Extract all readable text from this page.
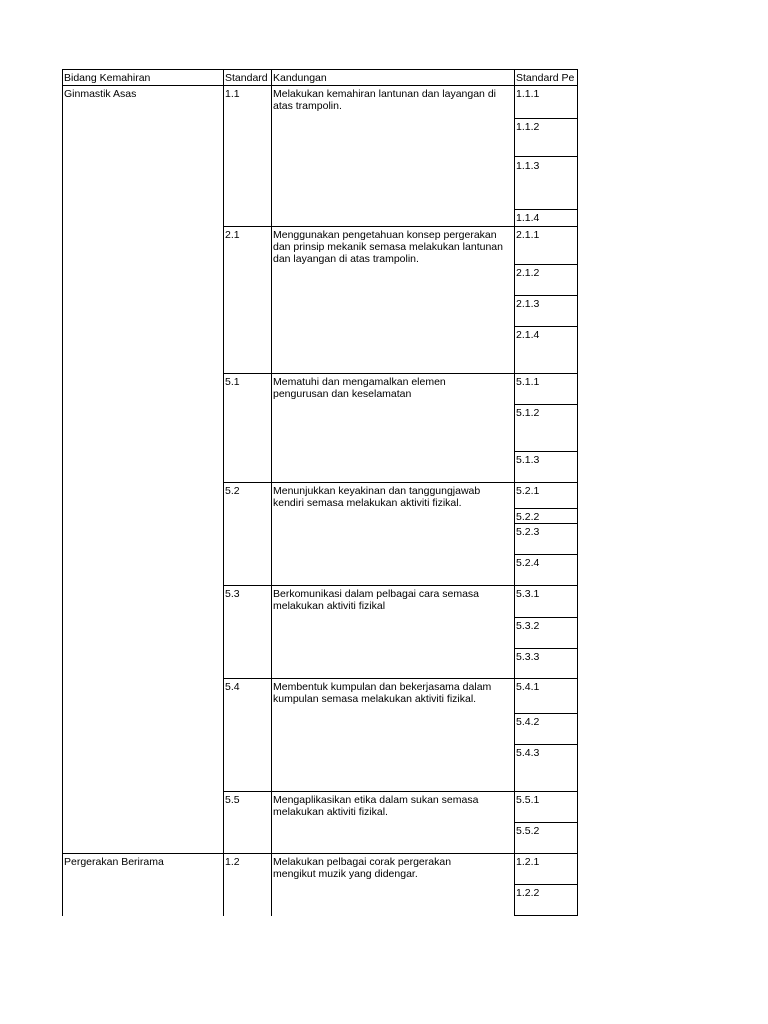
Bidang Kemahiran	Standard Kandungan	Standard Pe
Ginmastik Asas
Pergerakan Berirama
1.1
2.1
5.1
5.2
5.3
5.4
5.5
1.2
Melakukan kemahiran lantunan dan layangan di atas trampolin.
Menggunakan pengetahuan konsep pergerakan dan prinsip mekanik semasa melakukan lantunan dan layangan di atas trampolin.
Mematuhi dan mengamalkan elemen pengurusan dan keselamatan
Menunjukkan keyakinan dan tanggungjawab kendiri semasa melakukan aktiviti fizikal.
Berkomunikasi dalam pelbagai cara semasa melakukan aktiviti fizikal
Membentuk kumpulan dan bekerjasama dalam kumpulan semasa melakukan aktiviti fizikal.
Mengaplikasikan etika dalam sukan semasa melakukan aktiviti fizikal.
Melakukan pelbagai corak pergerakan mengikut muzik yang didengar.
1.1.1
1.1.2
1.1.3
1.1.4
2.1.1
2.1.2
2.1.3
2.1.4
5.1.1
5.1.2
5.1.3
5.2.1
5.2.2
5.2.3
5.2.4
5.3.1
5.3.2
5.3.3
5.4.1
5.4.2
5.4.3
5.5.1
5.5.2
1.2.1
1.2.2
